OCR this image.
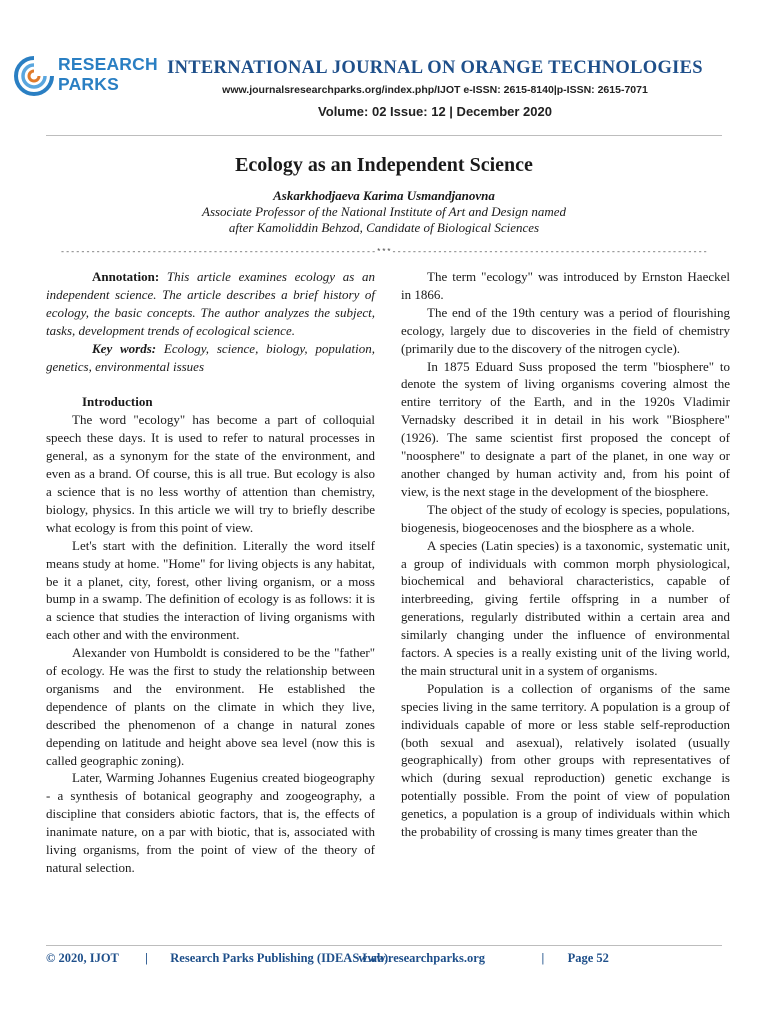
RESEARCH
PARKS
INTERNATIONAL JOURNAL ON ORANGE TECHNOLOGIES
www.journalsresearchparks.org/index.php/IJOT e-ISSN: 2615-8140|p-ISSN: 2615-7071
Volume: 02 Issue: 12 | December 2020
Ecology as an Independent Science
Askarkhodjaeva Karima Usmandjanovna
Associate Professor of the National Institute of Art and Design named
after Kamoliddin Behzod, Candidate of Biological Sciences
--------------------------------------------------------------***--------------------------------------------------------------

Annotation: This article examines ecology as an independent science. The article describes a brief history of ecology, the basic concepts. The author analyzes the subject, tasks, development trends of ecological science.

Key words: Ecology, science, biology, population, genetics, environmental issues

Introduction

The word "ecology" has become a part of colloquial speech these days. It is used to refer to natural processes in general, as a synonym for the state of the environment, and even as a brand. Of course, this is all true. But ecology is also a science that is no less worthy of attention than chemistry, biology, physics. In this article we will try to briefly describe what ecology is from this point of view.

Let's start with the definition. Literally the word itself means study at home. "Home" for living objects is any habitat, be it a planet, city, forest, other living organism, or a moss bump in a swamp. The definition of ecology is as follows: it is a science that studies the interaction of living organisms with each other and with the environment.

Alexander von Humboldt is considered to be the "father" of ecology. He was the first to study the relationship between organisms and the environment. He established the dependence of plants on the climate in which they live, described the phenomenon of a change in natural zones depending on latitude and height above sea level (now this is called geographic zoning).

Later, Warming Johannes Eugenius created biogeography - a synthesis of botanical geography and zoogeography, a discipline that considers abiotic factors, that is, the effects of inanimate nature, on a par with biotic, that is, associated with living organisms, from the point of view of the theory of natural selection.

The term "ecology" was introduced by Ernston Haeckel in 1866.

The end of the 19th century was a period of flourishing ecology, largely due to discoveries in the field of chemistry (primarily due to the discovery of the nitrogen cycle).

In 1875 Eduard Suss proposed the term "biosphere" to denote the system of living organisms covering almost the entire territory of the Earth, and in the 1920s Vladimir Vernadsky described it in detail in his work "Biosphere" (1926). The same scientist first proposed the concept of "noosphere" to designate a part of the planet, in one way or another changed by human activity and, from his point of view, is the next stage in the development of the biosphere.

The object of the study of ecology is species, populations, biogenesis, biogeocenoses and the biosphere as a whole.

A species (Latin species) is a taxonomic, systematic unit, a group of individuals with common morph physiological, biochemical and behavioral characteristics, capable of interbreeding, giving fertile offspring in a number of generations, regularly distributed within a certain area and similarly changing under the influence of environmental factors. A species is a really existing unit of the living world, the main structural unit in a system of organisms.

Population is a collection of organisms of the same species living in the same territory. A population is a group of individuals capable of more or less stable self-reproduction (both sexual and asexual), relatively isolated (usually geographically) from other groups with representatives of which (during sexual reproduction) genetic exchange is potentially possible. From the point of view of population genetics, a population is a group of individuals within which the probability of crossing is many times greater than the

© 2020, IJOT | Research Parks Publishing (IDEAS Lab) www.researchparks.org	| Page 52
